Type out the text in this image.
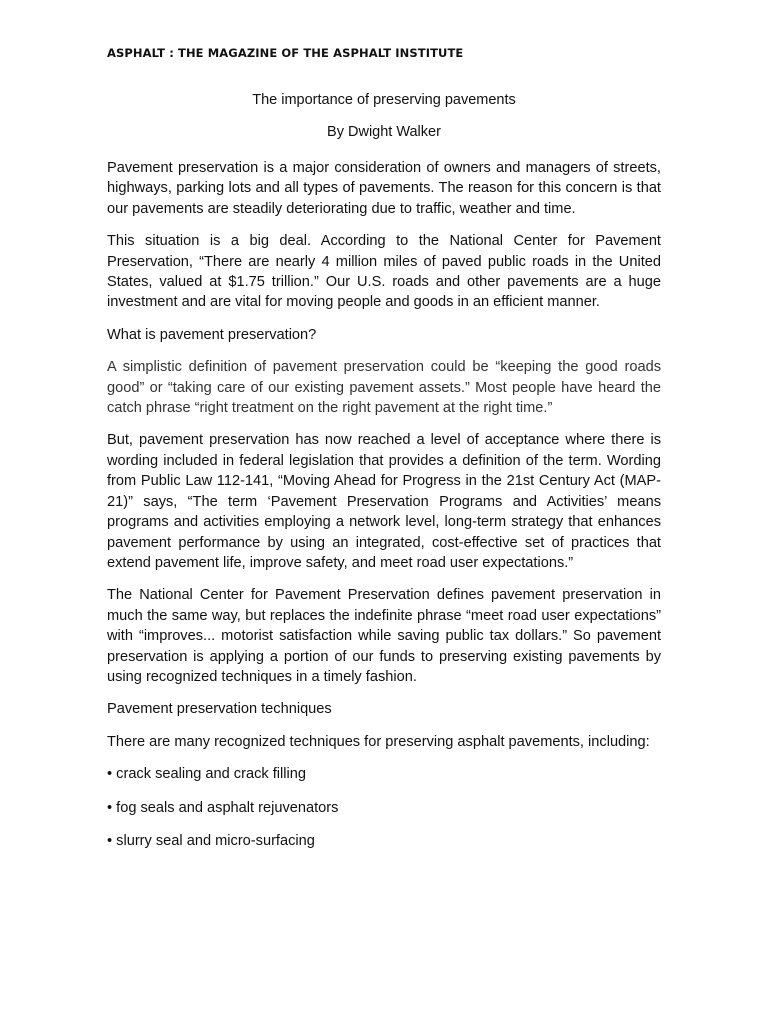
ASPHALT : THE MAGAZINE OF THE ASPHALT INSTITUTE
The importance of preserving pavements
By Dwight Walker

Pavement preservation is a major consideration of owners and managers of streets, highways, parking lots and all types of pavements. The reason for this concern is that our pavements are steadily deteriorating due to traffic, weather and time.

This situation is a big deal. According to the National Center for Pavement Preservation, “There are nearly 4 million miles of paved public roads in the United States, valued at $1.75 trillion.” Our U.S. roads and other pavements are a huge investment and are vital for moving people and goods in an efficient manner.

What is pavement preservation?

A simplistic definition of pavement preservation could be “keeping the good roads good” or “taking care of our existing pavement assets.” Most people have heard the catch phrase “right treatment on the right pavement at the right time.”

But, pavement preservation has now reached a level of acceptance where there is wording included in federal legislation that provides a definition of the term. Wording from Public Law 112-141, “Moving Ahead for Progress in the 21st Century Act (MAP-21)” says, “The term ‘Pavement Preservation Programs and Activities’ means programs and activities employing a network level, long-term strategy that enhances pavement performance by using an integrated, cost-effective set of practices that extend pavement life, improve safety, and meet road user expectations.”

The National Center for Pavement Preservation defines pavement preservation in much the same way, but replaces the indefinite phrase “meet road user expectations” with “improves... motorist satisfaction while saving public tax dollars.” So pavement preservation is applying a portion of our funds to preserving existing pavements by using recognized techniques in a timely fashion.

Pavement preservation techniques

There are many recognized techniques for preserving asphalt pavements, including:

• crack sealing and crack filling

• fog seals and asphalt rejuvenators

• slurry seal and micro-surfacing
